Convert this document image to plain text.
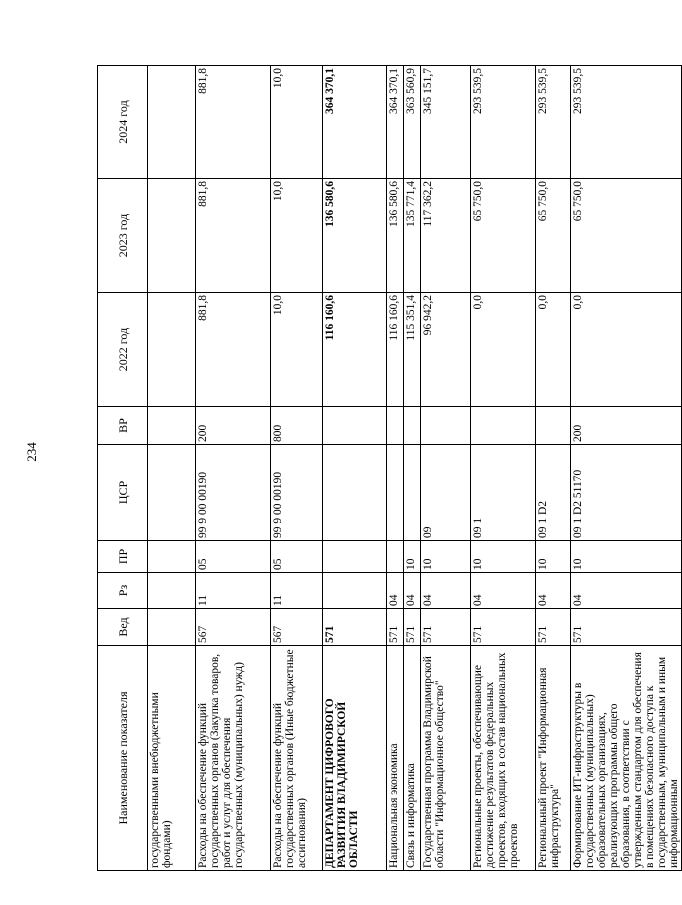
234
Наименование показателя	Вед	Рз	ПР	ЦСР	ВР	2022 год	2023 год	2024 год
государственными внебюджетными фондами)								
Расходы на обеспечение функций государственных органов (Закупка товаров, работ и услуг для обеспечения государственных (муниципальных) нужд)	567	11	05	99 9 00 00190	200	881,8	881,8	881,8
Расходы на обеспечение функций государственных органов (Иные бюджетные ассигнования)	567	11	05	99 9 00 00190	800	10,0	10,0	10,0
ДЕПАРТАМЕНТ ЦИФРОВОГО РАЗВИТИЯ ВЛАДИМИРСКОЙ ОБЛАСТИ	571					116 160,6	136 580,6	364 370,1
Национальная экономика	571	04				116 160,6	136 580,6	364 370,1
Связь и информатика	571	04	10			115 351,4	135 771,4	363 560,9
Государственная программа Владимирской области "Информационное общество"	571	04	10	09		96 942,2	117 362,2	345 151,7
Региональные проекты, обеспечивающие достижение результатов федеральных проектов, входящих в состав национальных проектов	571	04	10	09 1		0,0	65 750,0	293 539,5
Региональный проект "Информационная инфраструктура"	571	04	10	09 1 D2		0,0	65 750,0	293 539,5
Формирование ИТ-инфраструктуры в государственных (муниципальных) образовательных организациях, реализующих программы общего образования, в соответствии с утвержденным стандартом для обеспечения в помещениях безопасного доступа к государственным, муниципальным и иным информационным	571	04	10	09 1 D2 51170	200	0,0	65 750,0	293 539,5
